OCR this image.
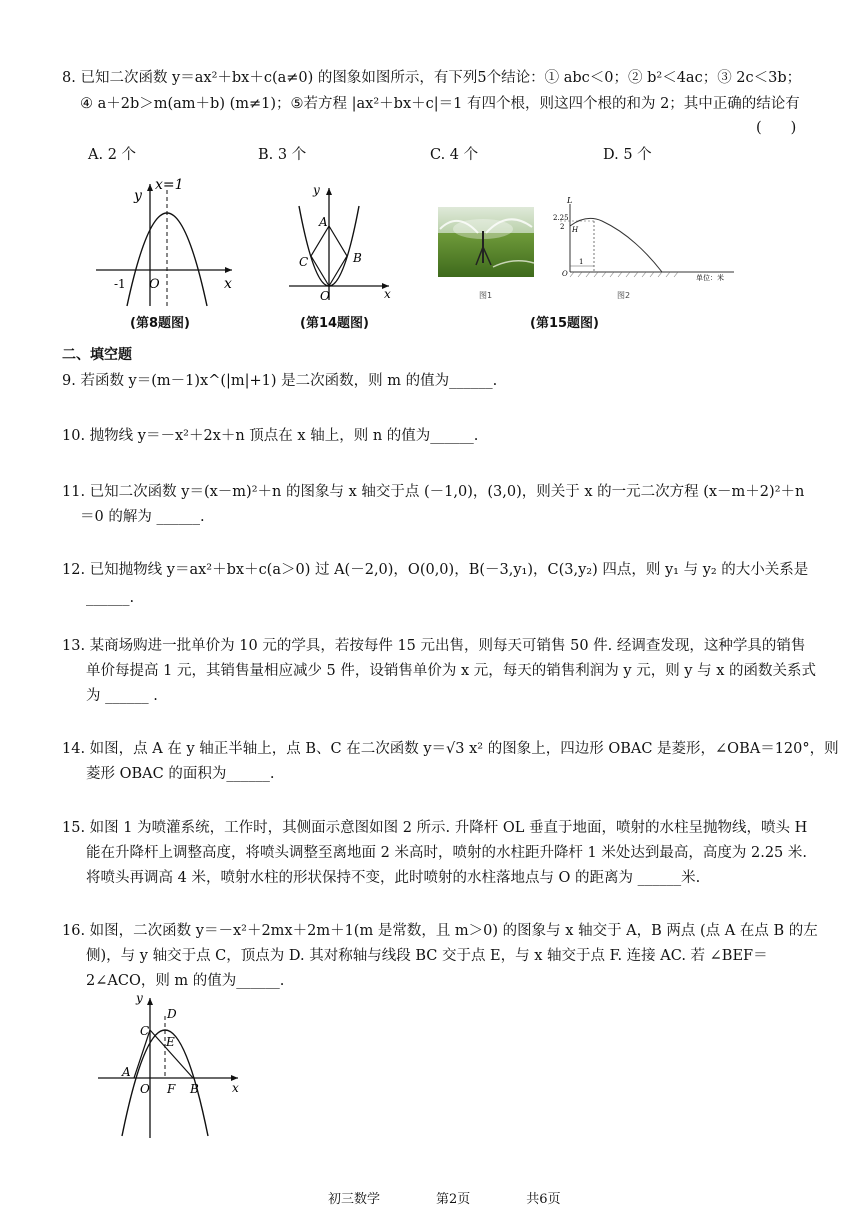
8. 已知二次函数 y＝ax²＋bx＋c(a≠0) 的图象如图所示，有下列5个结论：① abc＜0；② b²＜4ac；③ 2c＜3b；
④ a＋2b＞m(am＋b) (m≠1)；⑤若方程 |ax²＋bx＋c|＝1 有四个根，则这四个根的和为 2；其中正确的结论有
(　　)
A. 2 个	B. 3 个	C. 4 个	D. 5 个
x=1
y
x
O
-1
(第8题图)
y
x
O
A
B
C
(第14题图)
图1
L
2.25
2 H
O
1
单位：米
图2
(第15题图)
二、填空题
9. 若函数 y＝(m－1)x^(|m|+1) 是二次函数，则 m 的值为______.
10. 抛物线 y＝－x²＋2x＋n 顶点在 x 轴上，则 n 的值为______.
11. 已知二次函数 y＝(x－m)²＋n 的图象与 x 轴交于点 (－1,0)，(3,0)，则关于 x 的一元二次方程 (x－m＋2)²＋n
＝0 的解为 ______.
12. 已知抛物线 y＝ax²＋bx＋c(a＞0) 过 A(－2,0)，O(0,0)，B(－3,y₁)，C(3,y₂) 四点，则 y₁ 与 y₂ 的大小关系是
______.
13. 某商场购进一批单价为 10 元的学具，若按每件 15 元出售，则每天可销售 50 件. 经调查发现，这种学具的销售
单价每提高 1 元，其销售量相应减少 5 件，设销售单价为 x 元，每天的销售利润为 y 元，则 y 与 x 的函数关系式
为 ______ .
14. 如图，点 A 在 y 轴正半轴上，点 B、C 在二次函数 y＝√3 x² 的图象上，四边形 OBAC 是菱形，∠OBA＝120°，则
菱形 OBAC 的面积为______.
15. 如图 1 为喷灌系统，工作时，其侧面示意图如图 2 所示. 升降杆 OL 垂直于地面，喷射的水柱呈抛物线，喷头 H
能在升降杆上调整高度，将喷头调整至离地面 2 米高时，喷射的水柱距升降杆 1 米处达到最高，高度为 2.25 米.
将喷头再调高 4 米，喷射水柱的形状保持不变，此时喷射的水柱落地点与 O 的距离为 ______米.
16. 如图，二次函数 y＝－x²＋2mx＋2m＋1(m 是常数，且 m＞0) 的图象与 x 轴交于 A，B 两点 (点 A 在点 B 的左
侧)，与 y 轴交于点 C，顶点为 D. 其对称轴与线段 BC 交于点 E，与 x 轴交于点 F. 连接 AC. 若 ∠BEF＝
2∠ACO，则 m 的值为______.
y
x
O
A
B
C
D
E
F
初三数学	第2页	共6页
